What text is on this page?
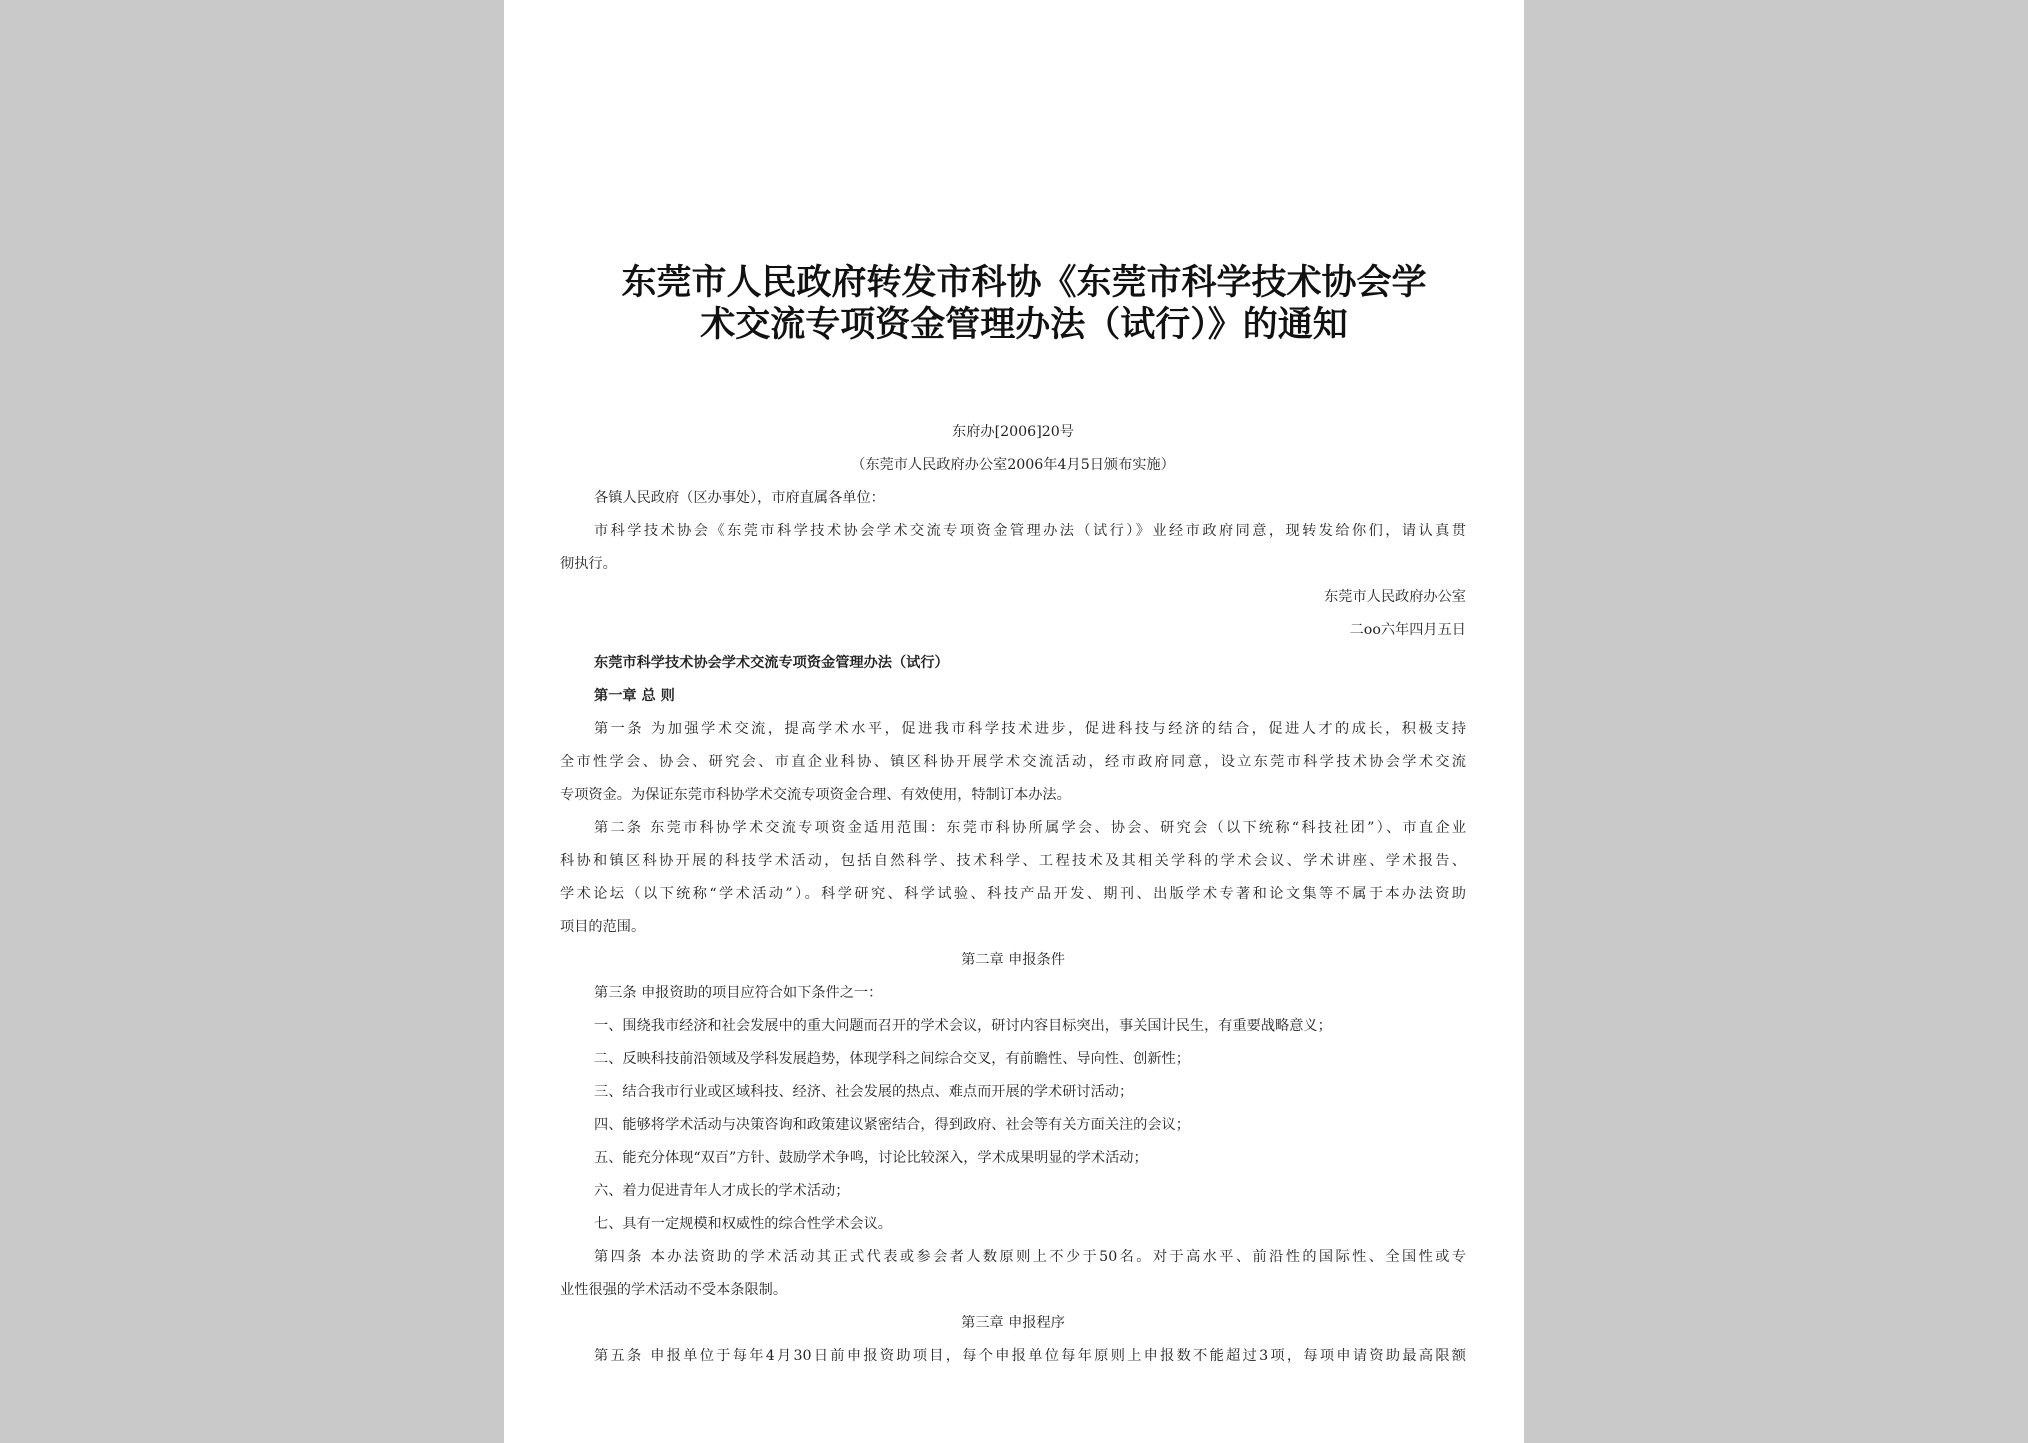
东莞市人民政府转发市科协《东莞市科学技术协会学
术交流专项资金管理办法（试行）》的通知
东府办[2006]20号
（东莞市人民政府办公室2006年4月5日颁布实施）
各镇人民政府（区办事处），市府直属各单位：
市科学技术协会《东莞市科学技术协会学术交流专项资金管理办法（试行）》业经市政府同意，现转发给你们，请认真贯
彻执行。
东莞市人民政府办公室
二oo六年四月五日
东莞市科学技术协会学术交流专项资金管理办法（试行）
第一章 总 则
第一条 为加强学术交流，提高学术水平，促进我市科学技术进步，促进科技与经济的结合，促进人才的成长，积极支持
全市性学会、协会、研究会、市直企业科协、镇区科协开展学术交流活动，经市政府同意，设立东莞市科学技术协会学术交流
专项资金。为保证东莞市科协学术交流专项资金合理、有效使用，特制订本办法。
第二条 东莞市科协学术交流专项资金适用范围：东莞市科协所属学会、协会、研究会（以下统称“科技社团”）、市直企业
科协和镇区科协开展的科技学术活动，包括自然科学、技术科学、工程技术及其相关学科的学术会议、学术讲座、学术报告、
学术论坛（以下统称“学术活动”）。科学研究、科学试验、科技产品开发、期刊、出版学术专著和论文集等不属于本办法资助
项目的范围。
第二章 申报条件
第三条 申报资助的项目应符合如下条件之一：
一、围绕我市经济和社会发展中的重大问题而召开的学术会议，研讨内容目标突出，事关国计民生，有重要战略意义；
二、反映科技前沿领域及学科发展趋势，体现学科之间综合交叉，有前瞻性、导向性、创新性；
三、结合我市行业或区域科技、经济、社会发展的热点、难点而开展的学术研讨活动；
四、能够将学术活动与决策咨询和政策建议紧密结合，得到政府、社会等有关方面关注的会议；
五、能充分体现“双百”方针、鼓励学术争鸣，讨论比较深入，学术成果明显的学术活动；
六、着力促进青年人才成长的学术活动；
七、具有一定规模和权威性的综合性学术会议。
第四条 本办法资助的学术活动其正式代表或参会者人数原则上不少于50名。对于高水平、前沿性的国际性、全国性或专
业性很强的学术活动不受本条限制。
第三章 申报程序
第五条 申报单位于每年4月30日前申报资助项目，每个申报单位每年原则上申报数不能超过3项，每项申请资助最高限额
